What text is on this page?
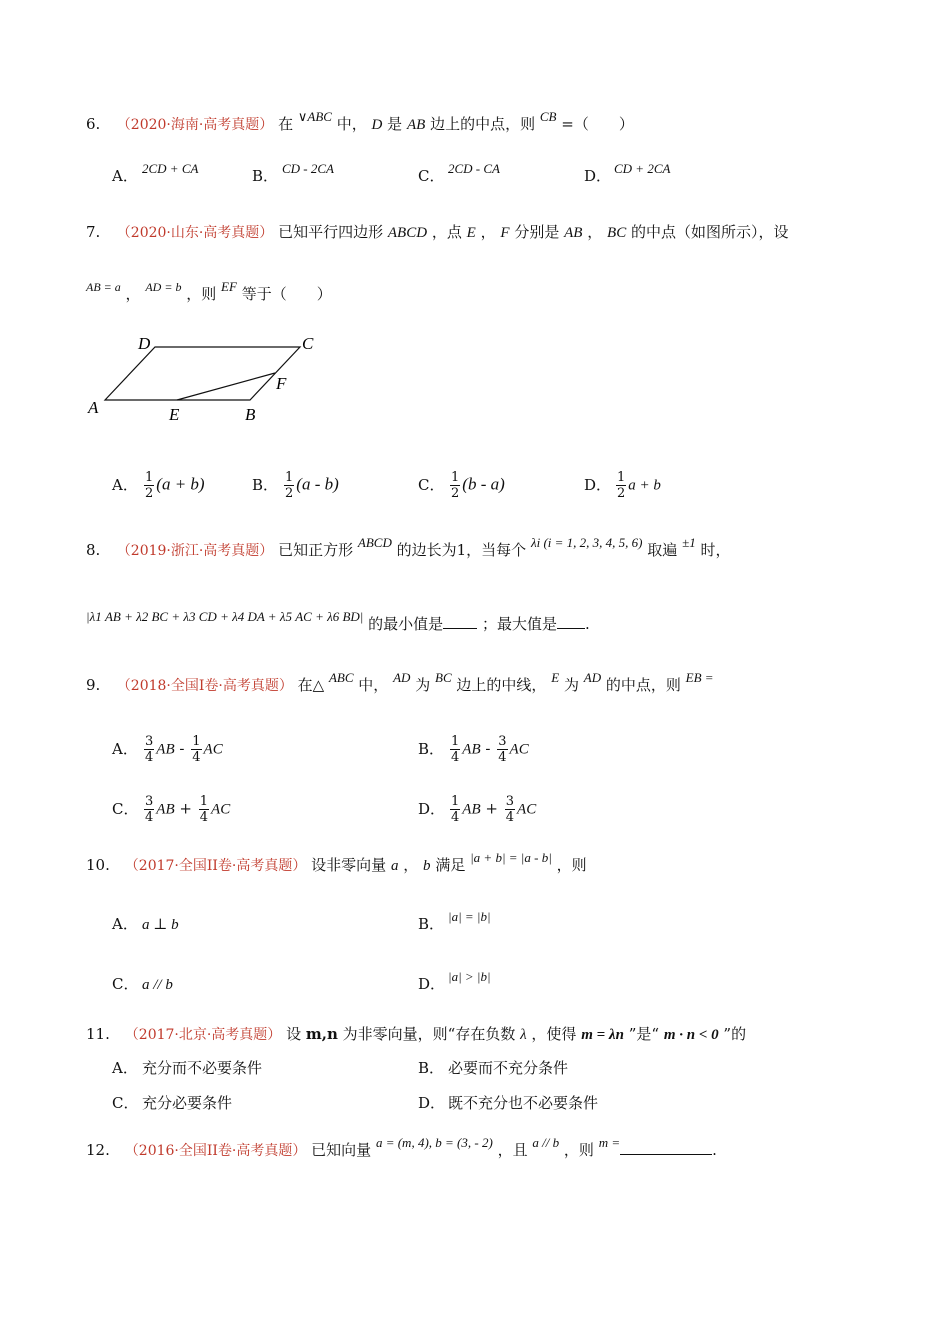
6. （2020·海南·高考真题） 在 ∨ABC 中， D 是 AB 边上的中点，则 CB =（　　）
A． 2CD + CA	B． CD - 2CA	C． 2CD - CA	D． CD + 2CA
7. （2020·山东·高考真题） 已知平行四边形 ABCD ，点 E ， F 分别是 AB ， BC 的中点（如图所示），设
$^{AB = a}$ ， $^{AD = b}$ ，则 EF 等于（　　）
A	B
C
D
E
F
A． $\frac{1}{2} (a + b)$	B． $\frac{1}{2} (a - b)$	C． $\frac{1}{2} (b - a)$	D． $\frac{1}{2}$ a + b
8. （2019·浙江·高考真题） 已知正方形 ABCD 的边长为1，当每个 λi (i = 1, 2, 3, 4, 5, 6) 取遍 ±1 时，
|λ1 AB + λ2 BC + λ3 CD + λ4 DA + λ5 AC + λ6 BD| 的最小值是	；最大值是 .
9. （2018·全国I卷·高考真题） 在△ ABC 中， AD 为 BC 边上的中线， E 为 AD 的中点，则 EB =
A． $\frac{3}{4}$ AB - $\frac{1}{4}$ AC	B． $\frac{1}{4}$ AB - $\frac{3}{4}$ AC
C． $\frac{3}{4}$ AB + $\frac{1}{4}$ AC	D． $\frac{1}{4}$ AB + $\frac{3}{4}$ AC
10. （2017·全国II卷·高考真题） 设非零向量 a ， b 满足 |a + b| = |a - b| ，则
A． a ⊥ b	B． |a| = |b|
C． a // b	D． |a| > |b|
11. （2017·北京·高考真题） 设 m,n 为非零向量，则“存在负数 λ ，使得 m = λn ”是“ m · n < 0 ”的
A． 充分而不必要条件	B． 必要而不充分条件
C． 充分必要条件	D． 既不充分也不必要条件
12. （2016·全国II卷·高考真题） 已知向量 a = (m, 4), b = (3, - 2) ，且 a // b ，则 m =	.
